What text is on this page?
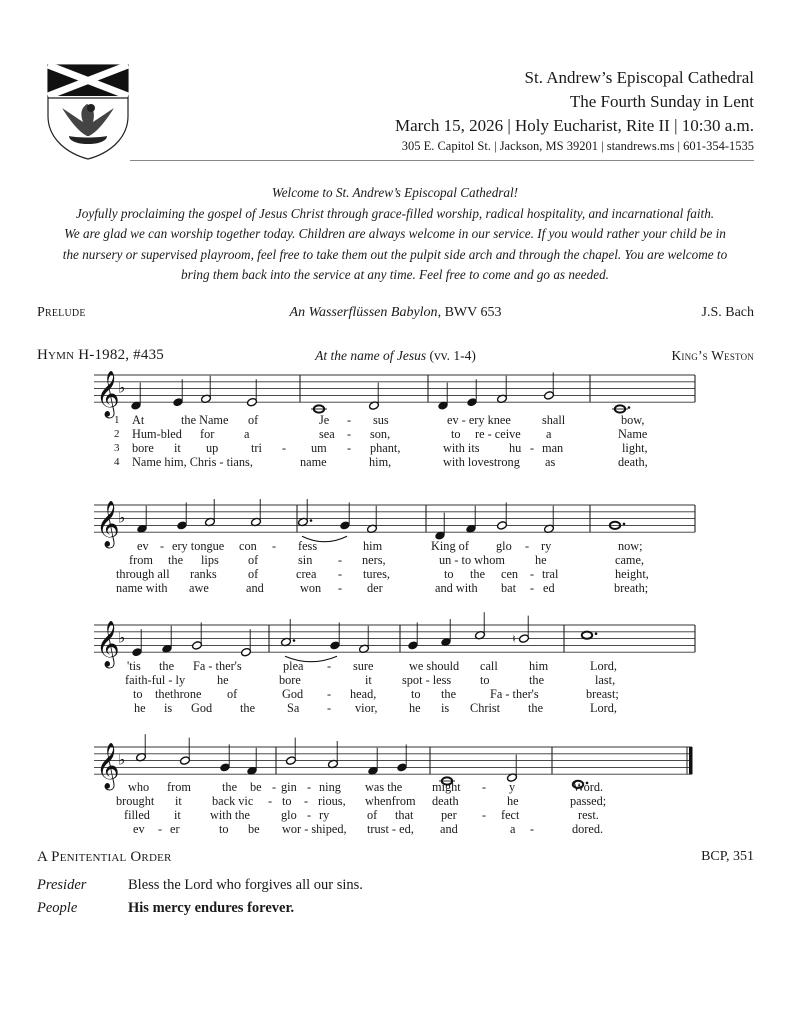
St. Andrew’s Episcopal Cathedral
The Fourth Sunday in Lent
March 15, 2026 | Holy Eucharist, Rite II | 10:30 a.m.
305 E. Capitol St. | Jackson, MS 39201 | standrews.ms | 601-354-1535
Welcome to St. Andrew’s Episcopal Cathedral!
Joyfully proclaiming the gospel of Jesus Christ through grace-filled worship, radical hospitality, and incarnational faith.
We are glad we can worship together today. Children are always welcome in our service. If you would rather your child be in
the nursery or supervised playroom, feel free to take them out the pulpit side arch and through the chapel. You are welcome to
bring them back into the service at any time. Feel free to come and go as needed.
Prelude	An Wasserflüssen Babylon, BWV 653	J.S. Bach
Hymn H-1982, #435	At the name of Jesus (vv. 1-4)	King’s Weston
𝄞
♭
𝄞
♭
𝄞
♭	♮
𝄞
♭
1 At	the Name of	Je - sus	ev - ery knee	shall	bow,
2 Hum-bled for a	sea - son,	to re - ceive a	Name
3 bore it up	tri - um - phant,	with its hu - man	light,
4 Name him, Chris - tians,	name	him,	with lovestrong as	death,
ev - ery tongue con - fess	him	King of glo - ry	now;
from the lips of	sin - ners,	un - to whom he	came,
through all ranks	of	crea - tures,	to the cen - tral	height,
name with awe	and	won - der	and with bat - ed	breath;
'tis the Fa - ther's	plea - sure	we should call	him	Lord,
faith-ful - ly	he	bore	it spot - less to	the	last,
to thethrone of	God - head,	to the	Fa - ther's	breast;
he is God the	Sa - vior,	he is Christ the	Lord,
who from	the be - gin - ning was the might - y	Word.
brought it back vic - to - rious, whenfrom death	he	passed;
filled it with the	glo - ry	of that per - fect	rest.
ev - er	to be wor - shiped, trust - ed, and	a -	dored.
A Penitential Order	BCP, 351
Presider	Bless the Lord who forgives all our sins.
People	His mercy endures forever.
